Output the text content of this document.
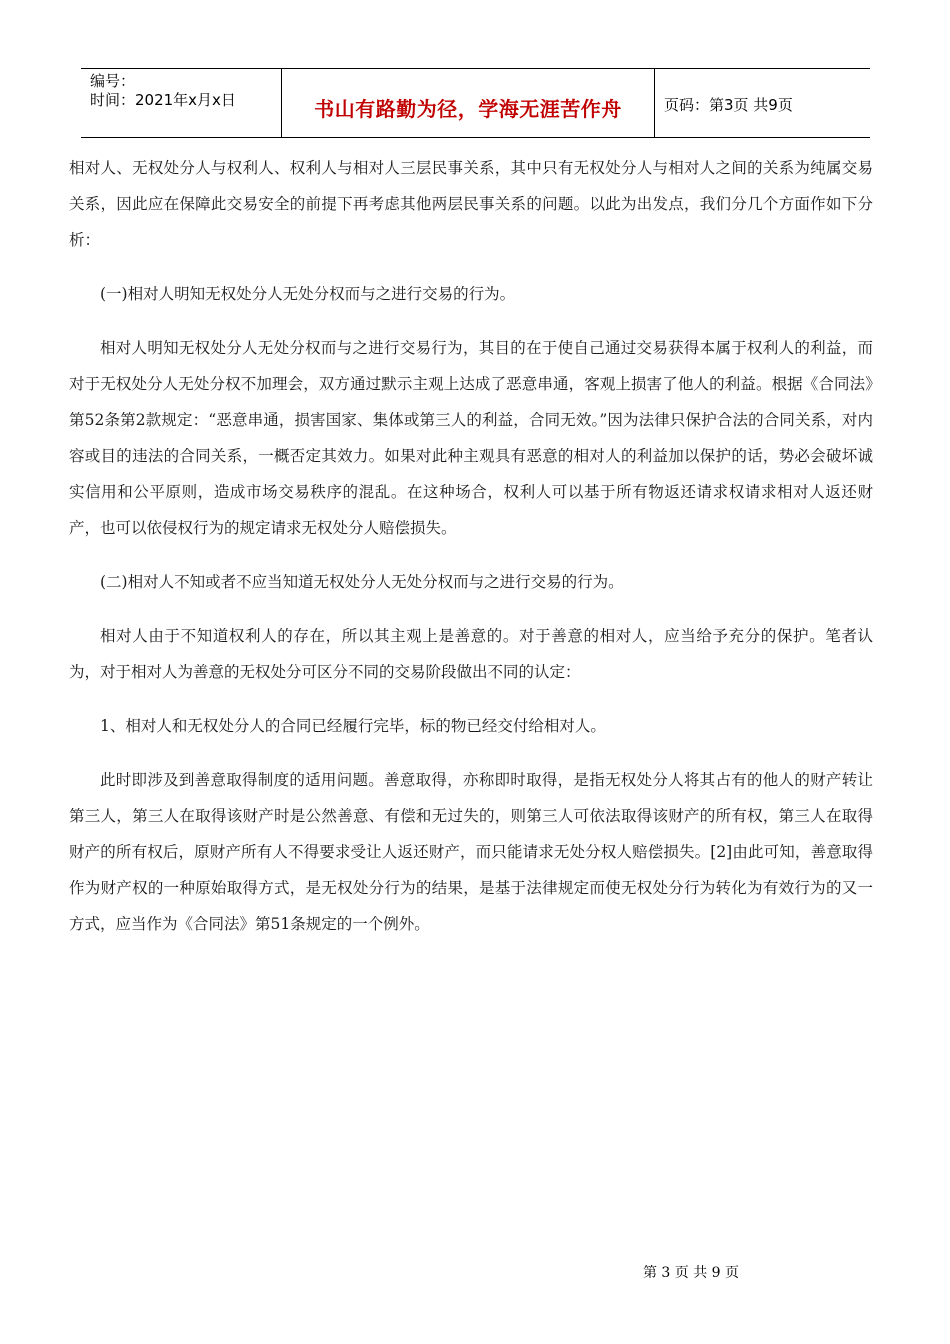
编号：
时间：2021年x月x日	书山有路勤为径，学海无涯苦作舟	页码：第3页 共9页

相对人、无权处分人与权利人、权利人与相对人三层民事关系，其中只有无权处分人与相对人之间的关系为纯属交易关系，因此应在保障此交易安全的前提下再考虑其他两层民事关系的问题。以此为出发点，我们分几个方面作如下分析：

(一)相对人明知无权处分人无处分权而与之进行交易的行为。

相对人明知无权处分人无处分权而与之进行交易行为，其目的在于使自己通过交易获得本属于权利人的利益，而对于无权处分人无处分权不加理会，双方通过默示主观上达成了恶意串通，客观上损害了他人的利益。根据《合同法》第52条第2款规定：“恶意串通，损害国家、集体或第三人的利益，合同无效。”因为法律只保护合法的合同关系，对内容或目的违法的合同关系，一概否定其效力。如果对此种主观具有恶意的相对人的利益加以保护的话，势必会破坏诚实信用和公平原则，造成市场交易秩序的混乱。在这种场合，权利人可以基于所有物返还请求权请求相对人返还财产，也可以依侵权行为的规定请求无权处分人赔偿损失。

(二)相对人不知或者不应当知道无权处分人无处分权而与之进行交易的行为。

相对人由于不知道权利人的存在，所以其主观上是善意的。对于善意的相对人，应当给予充分的保护。笔者认为，对于相对人为善意的无权处分可区分不同的交易阶段做出不同的认定：

1、相对人和无权处分人的合同已经履行完毕，标的物已经交付给相对人。

此时即涉及到善意取得制度的适用问题。善意取得，亦称即时取得，是指无权处分人将其占有的他人的财产转让第三人，第三人在取得该财产时是公然善意、有偿和无过失的，则第三人可依法取得该财产的所有权，第三人在取得财产的所有权后，原财产所有人不得要求受让人返还财产，而只能请求无处分权人赔偿损失。[2]由此可知，善意取得作为财产权的一种原始取得方式，是无权处分行为的结果，是基于法律规定而使无权处分行为转化为有效行为的又一方式，应当作为《合同法》第51条规定的一个例外。

第 3 页 共 9 页
